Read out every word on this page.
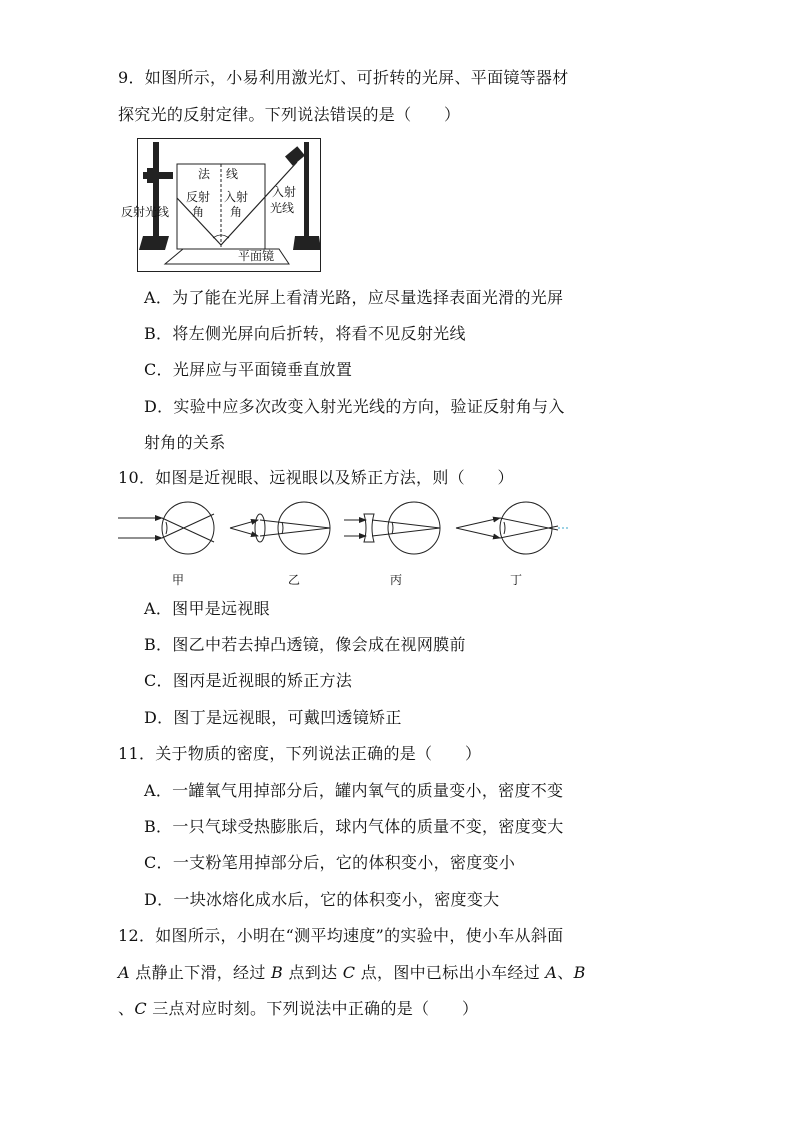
9．如图所示，小易利用激光灯、可折转的光屏、平面镜等器材
探究光的反射定律。下列说法错误的是（　　）
法 线
反射
角
入射
角
反射光线
入射
光线
平面镜
A．为了能在光屏上看清光路，应尽量选择表面光滑的光屏
B．将左侧光屏向后折转，将看不见反射光线
C．光屏应与平面镜垂直放置
D．实验中应多次改变入射光光线的方向，验证反射角与入
射角的关系
10．如图是近视眼、远视眼以及矫正方法，则（　　）
甲	乙	丙	丁
A．图甲是远视眼
B．图乙中若去掉凸透镜，像会成在视网膜前
C．图丙是近视眼的矫正方法
D．图丁是远视眼，可戴凹透镜矫正
11．关于物质的密度，下列说法正确的是（　　）
A．一罐氧气用掉部分后，罐内氧气的质量变小，密度不变
B．一只气球受热膨胀后，球内气体的质量不变，密度变大
C．一支粉笔用掉部分后，它的体积变小，密度变小
D．一块冰熔化成水后，它的体积变小，密度变大
12．如图所示，小明在“测平均速度”的实验中，使小车从斜面
A 点静止下滑，经过 B 点到达 C 点，图中已标出小车经过 A、B
、C 三点对应时刻。下列说法中正确的是（　　）
